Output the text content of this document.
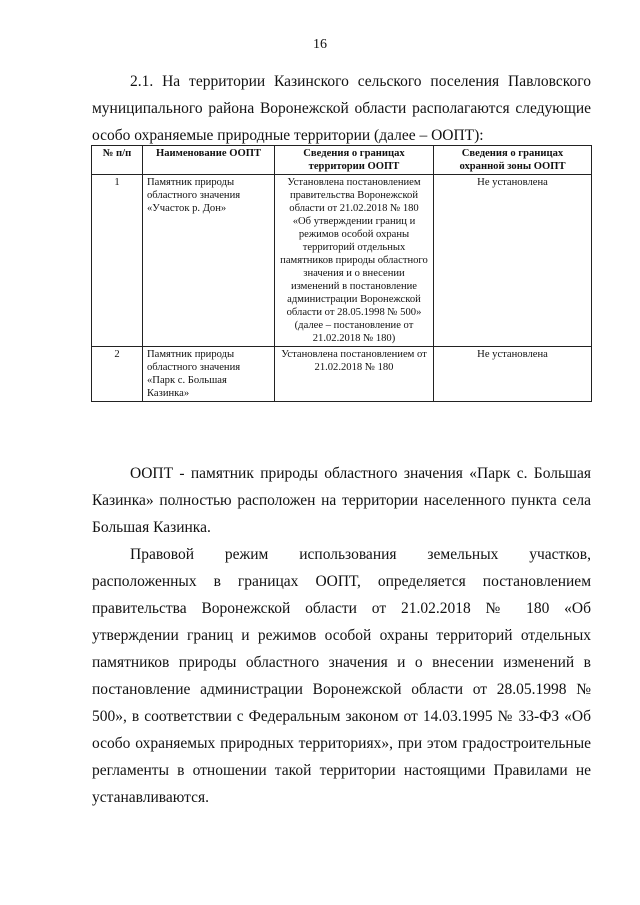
16
2.1. На территории Казинского сельского поселения Павловского муниципального района Воронежской области располагаются следующие особо охраняемые природные территории (далее – ООПТ):
№ п/п	Наименование ООПТ	Сведения о границах территории ООПТ	Сведения о границах охранной зоны ООПТ
1	Памятник природы областного значения «Участок р. Дон»	Установлена постановлением правительства Воронежской области от 21.02.2018 № 180 «Об утверждении границ и режимов особой охраны территорий отдельных памятников природы областного значения и о внесении изменений в постановление администрации Воронежской области от 28.05.1998 № 500» (далее – постановление от 21.02.2018 № 180)	Не установлена
2	Памятник природы областного значения «Парк с. Большая Казинка»	Установлена постановлением от 21.02.2018 № 180	Не установлена

ООПТ - памятник природы областного значения «Парк с. Большая Казинка» полностью расположен на территории населенного пункта села Большая Казинка.

Правовой режим использования земельных участков, расположенных в границах ООПТ, определяется постановлением правительства Воронежской области от 21.02.2018 № 180 «Об утверждении границ и режимов особой охраны территорий отдельных памятников природы областного значения и о внесении изменений в постановление администрации Воронежской области от 28.05.1998 № 500», в соответствии с Федеральным законом от 14.03.1995 № 33-ФЗ «Об особо охраняемых природных территориях», при этом градостроительные регламенты в отношении такой территории настоящими Правилами не устанавливаются.
